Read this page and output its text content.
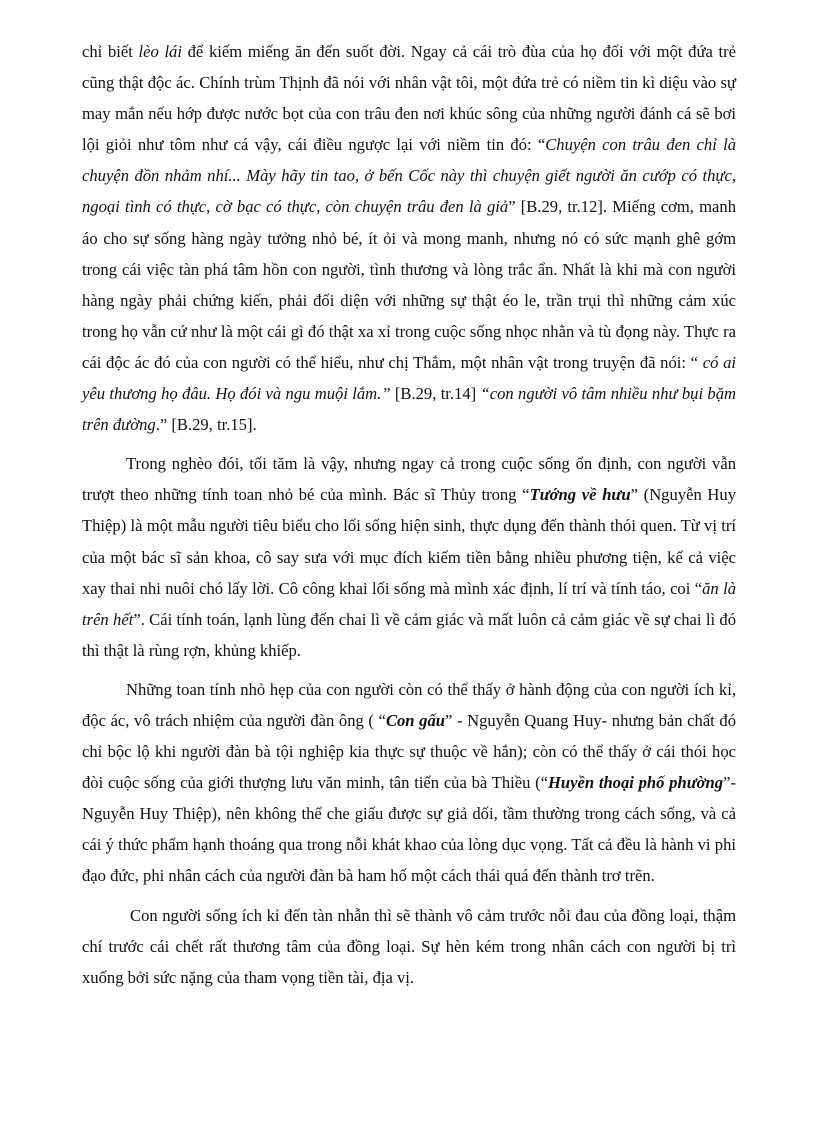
chỉ biết lèo lái để kiếm miếng ăn đến suốt đời. Ngay cả cái trò đùa của họ đối với một đứa trẻ cũng thật độc ác. Chính trùm Thịnh đã nói với nhân vật tôi, một đứa trẻ có niềm tin kì diệu vào sự may mắn nếu hớp được nước bọt của con trâu đen nơi khúc sông của những người đánh cá sẽ bơi lội giỏi như tôm như cá vậy, cái điều ngược lại với niềm tin đó: “Chuyện con trâu đen chỉ là chuyện đồn nhảm nhí... Mày hãy tin tao, ở bến Cốc này thì chuyện giết người ăn cướp có thực, ngoại tình có thực, cờ bạc có thực, còn chuyện trâu đen là giả” [B.29, tr.12]. Miếng cơm, manh áo cho sự sống hàng ngày tưởng nhỏ bé, ít ỏi và mong manh, nhưng nó có sức mạnh ghê gớm trong cái việc tàn phá tâm hồn con người, tình thương và lòng trắc ẩn. Nhất là khi mà con người hàng ngày phải chứng kiến, phải đối diện với những sự thật éo le, trần trụi thì những cảm xúc trong họ vẫn cứ như là một cái gì đó thật xa xỉ trong cuộc sống nhọc nhằn và tù đọng này. Thực ra cái độc ác đó của con người có thể hiểu, như chị Thắm, một nhân vật trong truyện đã nói: “ có ai yêu thương họ đâu. Họ đói và ngu muội lắm.” [B.29, tr.14] “con người vô tâm nhiều như bụi bặm trên đường.” [B.29, tr.15].

Trong nghèo đói, tối tăm là vậy, nhưng ngay cả trong cuộc sống ổn định, con người vẫn trượt theo những tính toan nhỏ bé của mình. Bác sĩ Thủy trong “Tướng về hưu” (Nguyễn Huy Thiệp) là một mẫu người tiêu biểu cho lối sống hiện sinh, thực dụng đến thành thói quen. Từ vị trí của một bác sĩ sản khoa, cô say sưa với mục đích kiếm tiền bằng nhiều phương tiện, kể cả việc xay thai nhi nuôi chó lấy lời. Cô công khai lối sống mà mình xác định, lí trí và tính táo, coi “ăn là trên hết”. Cái tính toán, lạnh lùng đến chai lì về cảm giác và mất luôn cả cảm giác về sự chai lì đó thì thật là rùng rợn, khủng khiếp.

Những toan tính nhỏ hẹp của con người còn có thể thấy ở hành động của con người ích kỉ, độc ác, vô trách nhiệm của người đàn ông ( “Con gấu” - Nguyễn Quang Huy- nhưng bản chất đó chỉ bộc lộ khi người đàn bà tội nghiệp kia thực sự thuộc về hắn); còn có thể thấy ở cái thói học đòi cuộc sống của giới thượng lưu văn minh, tân tiến của bà Thiều (“Huyền thoại phố phường”- Nguyễn Huy Thiệp), nên không thể che giấu được sự giả dối, tầm thường trong cách sống, và cả cái ý thức phẩm hạnh thoáng qua trong nỗi khát khao của lòng dục vọng. Tất cả đều là hành vi phi đạo đức, phi nhân cách của người đàn bà ham hố một cách thái quá đến thành trơ trẽn.

Con người sống ích kỉ đến tàn nhẫn thì sẽ thành vô cảm trước nỗi đau của đồng loại, thậm chí trước cái chết rất thương tâm của đồng loại. Sự hèn kém trong nhân cách con người bị trì xuống bởi sức nặng của tham vọng tiền tài, địa vị.
